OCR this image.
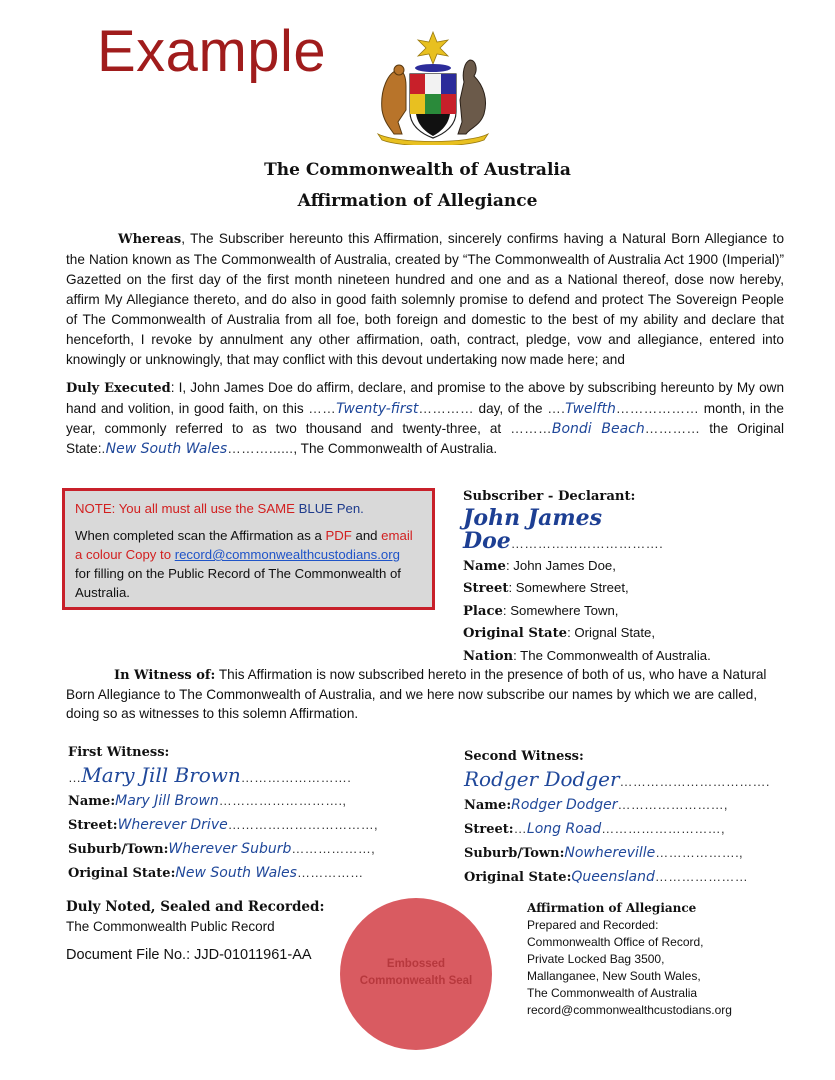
Example
The Commonwealth of Australia
Affirmation of Allegiance
Whereas, The Subscriber hereunto this Affirmation, sincerely confirms having a Natural Born Allegiance to the Nation known as The Commonwealth of Australia, created by “The Commonwealth of Australia Act 1900 (Imperial)” Gazetted on the first day of the first month nineteen hundred and one and as a National thereof, dose now hereby, affirm My Allegiance thereto, and do also in good faith solemnly promise to defend and protect The Sovereign People of The Commonwealth of Australia from all foe, both foreign and domestic to the best of my ability and declare that henceforth, I revoke by annulment any other affirmation, oath, contract, pledge, vow and allegiance, entered into knowingly or unknowingly, that may conflict with this devout undertaking now made here; and
Duly Executed: I, John James Doe do affirm, declare, and promise to the above by subscribing hereunto by My own hand and volition, in good faith, on this ……Twenty-first………… day, of the ….Twelfth……………… month, in the year, commonly referred to as two thousand and twenty-three, at ………Bondi Beach………… the Original State:.New South Wales………......, The Commonwealth of Australia.
NOTE: You all must all use the SAME BLUE Pen.
When completed scan the Affirmation as a PDF and email a colour Copy to record@commonwealthcustodians.org
for filling on the Public Record of The Commonwealth of Australia.
Subscriber - Declarant:
John James Doe…………………………….
Name: John James Doe,
Street: Somewhere Street,
Place: Somewhere Town,
Original State: Orignal State,
Nation: The Commonwealth of Australia.
In Witness of: This Affirmation is now subscribed hereto in the presence of both of us, who have a Natural Born Allegiance to The Commonwealth of Australia, and we here now subscribe our names by which we are called, doing so as witnesses to this solemn Affirmation.
First Witness:
…Mary Jill Brown…………………….
Name:Mary Jill Brown……………………….,
Street:Wherever Drive……………………………,
Suburb/Town:Wherever Suburb………………,
Original State:New South Wales……………
Second Witness:
Rodger Dodger…………………………….
Name:Rodger Dodger……………………,
Street:…Long Road………………………,
Suburb/Town:Nowhereville……………….,
Original State:Queensland…………………
Duly Noted, Sealed and Recorded:
The Commonwealth Public Record
Document File No.: JJD-01011961-AA
Embossed
Commonwealth Seal
Affirmation of Allegiance
Prepared and Recorded:
Commonwealth Office of Record,
Private Locked Bag 3500,
Mallanganee, New South Wales,
The Commonwealth of Australia
record@commonwealthcustodians.org
